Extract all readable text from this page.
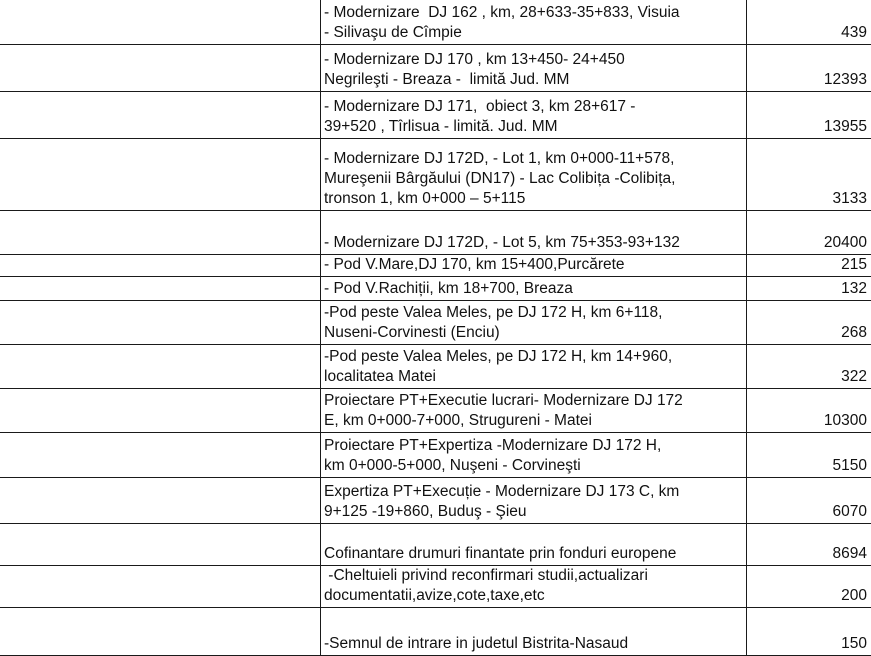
	- Modernizare  DJ 162 , km, 28+633-35+833, Visuia
- Silivaşu de Cîmpie	439

	- Modernizare DJ 170 , km 13+450- 24+450
Negrileşti - Breaza -  limită Jud. MM	12393

	- Modernizare DJ 171,  obiect 3, km 28+617 -
39+520 , Tîrlisua - limită. Jud. MM	13955

	- Modernizare DJ 172D, - Lot 1, km 0+000-11+578,
Mureşenii Bârgăului (DN17) - Lac Colibița -Colibița,
tronson 1, km 0+000 – 5+115	3133

	- Modernizare DJ 172D, - Lot 5, km 75+353-93+132	20400

	- Pod V.Mare,DJ 170, km 15+400,Purcărete	215

	- Pod V.Rachiții, km 18+700, Breaza	132

	-Pod peste Valea Meles, pe DJ 172 H, km 6+118,
Nuseni-Corvinesti (Enciu)	268

	-Pod peste Valea Meles, pe DJ 172 H, km 14+960,
localitatea Matei	322

	Proiectare PT+Executie lucrari- Modernizare DJ 172
E, km 0+000-7+000, Strugureni - Matei	10300

	Proiectare PT+Expertiza -Modernizare DJ 172 H,
km 0+000-5+000, Nuşeni - Corvineşti	5150

	Expertiza PT+Execuție - Modernizare DJ 173 C, km
9+125 -19+860, Buduş - Şieu	6070

	Cofinantare drumuri finantate prin fonduri europene	8694

	-Cheltuieli privind reconfirmari studii,actualizari
documentatii,avize,cote,taxe,etc	200

	-Semnul de intrare in judetul Bistrita-Nasaud	150
